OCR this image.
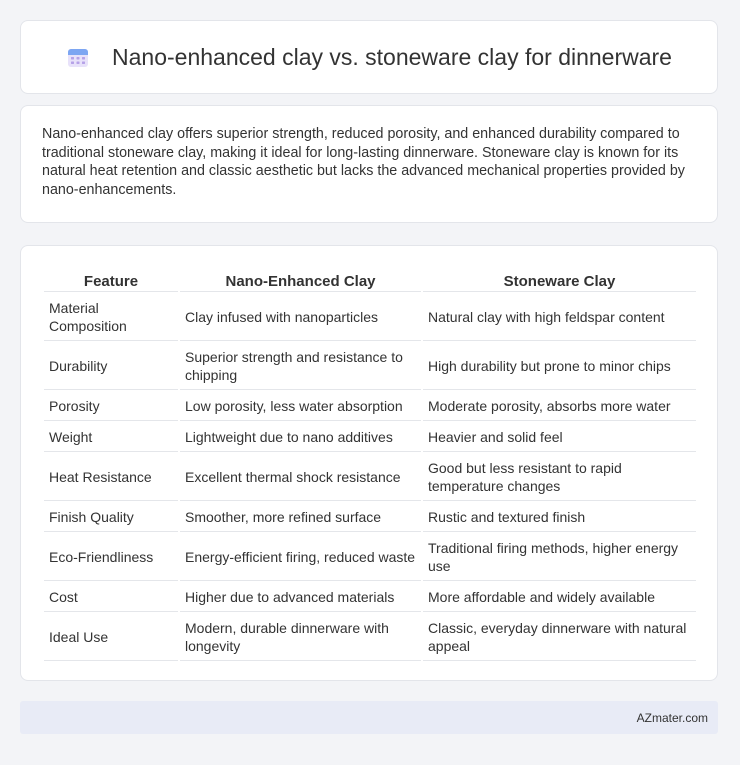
Nano-enhanced clay vs. stoneware clay for dinnerware

Nano-enhanced clay offers superior strength, reduced porosity, and enhanced durability compared to traditional stoneware clay, making it ideal for long-lasting dinnerware. Stoneware clay is known for its natural heat retention and classic aesthetic but lacks the advanced mechanical properties provided by nano-enhancements.

Feature	Nano-Enhanced Clay	Stoneware Clay
Material Composition	Clay infused with nanoparticles	Natural clay with high feldspar content
Durability	Superior strength and resistance to chipping	High durability but prone to minor chips
Porosity	Low porosity, less water absorption	Moderate porosity, absorbs more water
Weight	Lightweight due to nano additives	Heavier and solid feel
Heat Resistance	Excellent thermal shock resistance	Good but less resistant to rapid temperature changes
Finish Quality	Smoother, more refined surface	Rustic and textured finish
Eco-Friendliness	Energy-efficient firing, reduced waste	Traditional firing methods, higher energy use
Cost	Higher due to advanced materials	More affordable and widely available
Ideal Use	Modern, durable dinnerware with longevity	Classic, everyday dinnerware with natural appeal
AZmater.com
